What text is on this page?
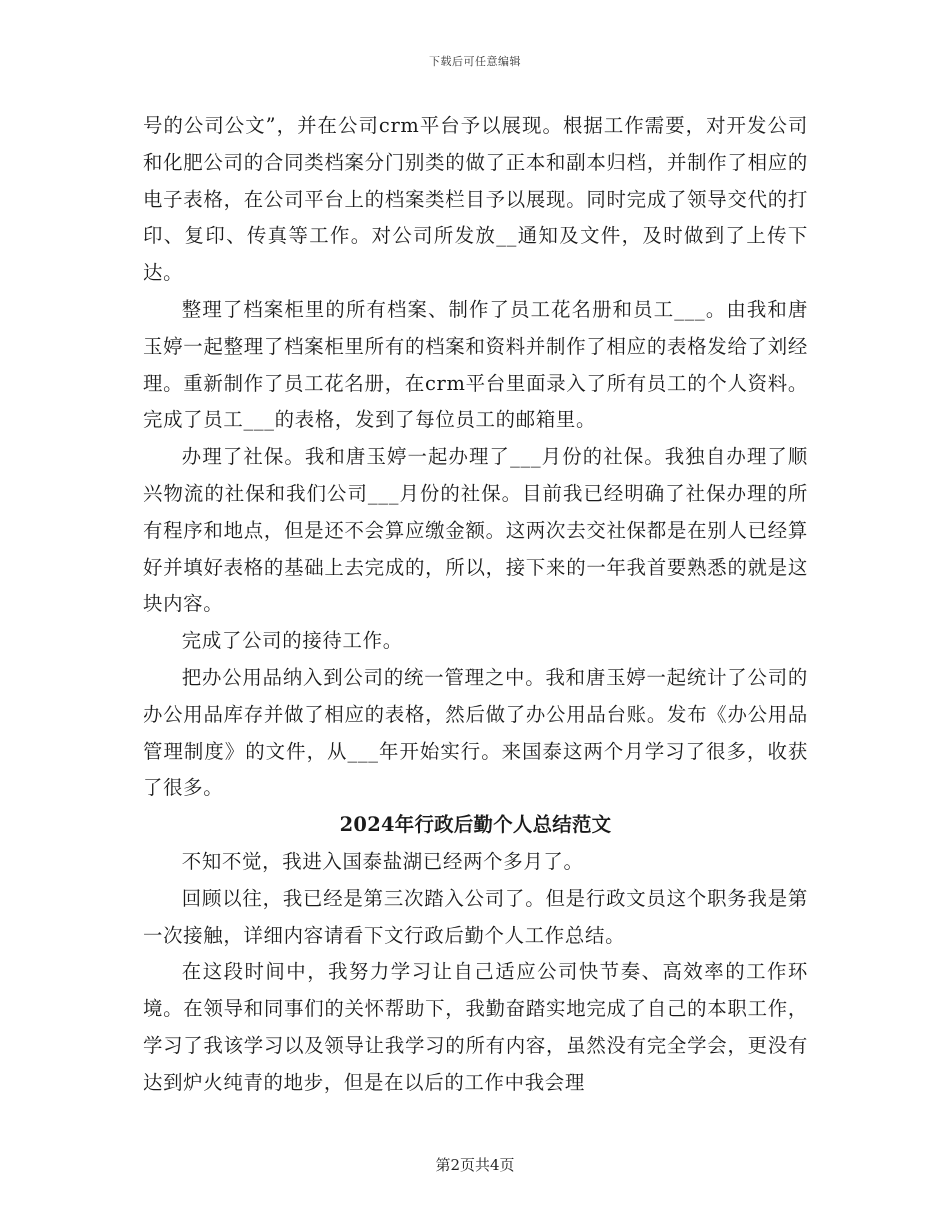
下载后可任意编辑

号的公司公文”，并在公司crm平台予以展现。根据工作需要，对开发公司和化肥公司的合同类档案分门别类的做了正本和副本归档，并制作了相应的电子表格，在公司平台上的档案类栏目予以展现。同时完成了领导交代的打印、复印、传真等工作。对公司所发放__通知及文件，及时做到了上传下达。

整理了档案柜里的所有档案、制作了员工花名册和员工___。由我和唐玉婷一起整理了档案柜里所有的档案和资料并制作了相应的表格发给了刘经理。重新制作了员工花名册，在crm平台里面录入了所有员工的个人资料。完成了员工___的表格，发到了每位员工的邮箱里。

办理了社保。我和唐玉婷一起办理了___月份的社保。我独自办理了顺兴物流的社保和我们公司___月份的社保。目前我已经明确了社保办理的所有程序和地点，但是还不会算应缴金额。这两次去交社保都是在别人已经算好并填好表格的基础上去完成的，所以，接下来的一年我首要熟悉的就是这块内容。

完成了公司的接待工作。

把办公用品纳入到公司的统一管理之中。我和唐玉婷一起统计了公司的办公用品库存并做了相应的表格，然后做了办公用品台账。发布《办公用品管理制度》的文件，从___年开始实行。来国泰这两个月学习了很多，收获了很多。

2024年行政后勤个人总结范文

不知不觉，我进入国泰盐湖已经两个多月了。

回顾以往，我已经是第三次踏入公司了。但是行政文员这个职务我是第一次接触，详细内容请看下文行政后勤个人工作总结。

在这段时间中，我努力学习让自己适应公司快节奏、高效率的工作环境。在领导和同事们的关怀帮助下，我勤奋踏实地完成了自己的本职工作，学习了我该学习以及领导让我学习的所有内容，虽然没有完全学会，更没有达到炉火纯青的地步，但是在以后的工作中我会理

第2页共4页
